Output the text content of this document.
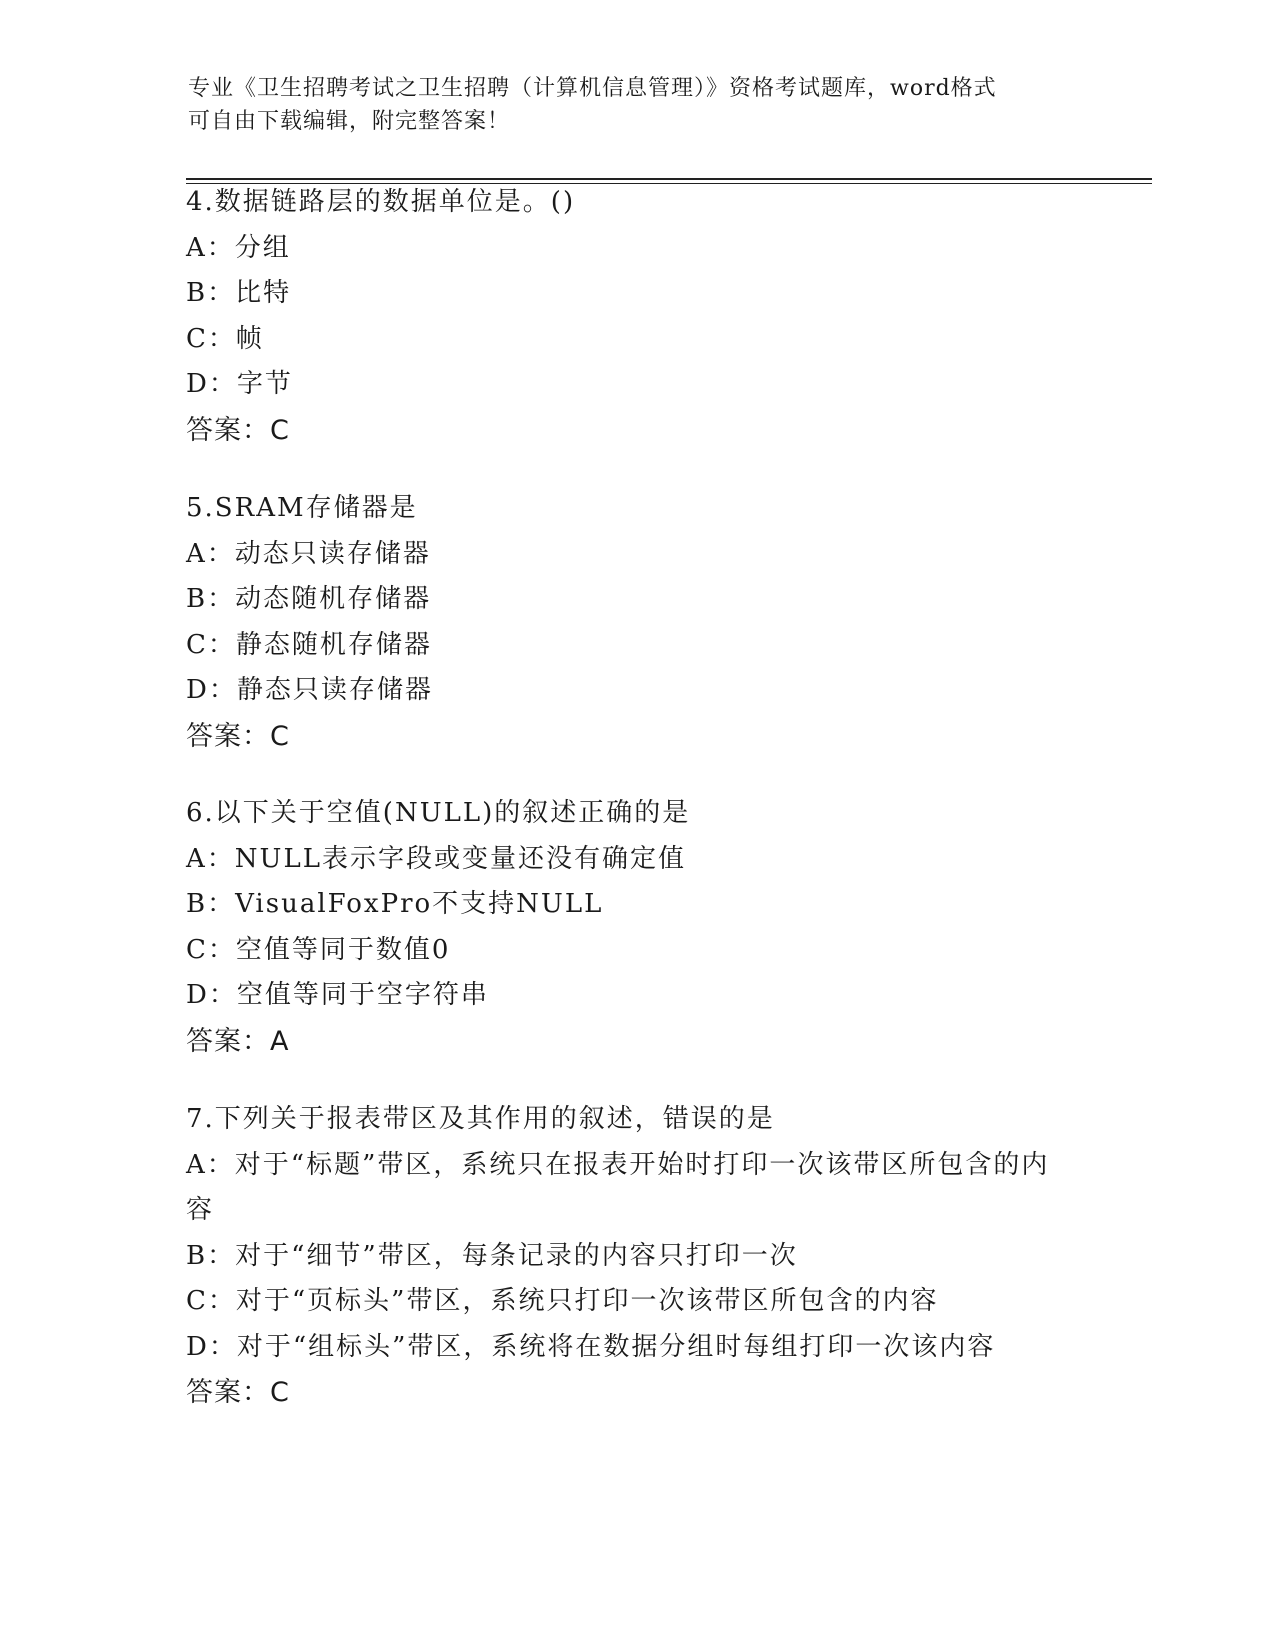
专业《卫生招聘考试之卫生招聘（计算机信息管理）》资格考试题库，word格式
可自由下载编辑，附完整答案！
4.数据链路层的数据单位是。()
A：分组
B：比特
C：帧
D：字节
答案：C
5.SRAM存储器是
A：动态只读存储器
B：动态随机存储器
C：静态随机存储器
D：静态只读存储器
答案：C
6.以下关于空值(NULL)的叙述正确的是
A：NULL表示字段或变量还没有确定值
B：VisualFoxPro不支持NULL
C：空值等同于数值0
D：空值等同于空字符串
答案：A
7.下列关于报表带区及其作用的叙述，错误的是
A：对于“标题”带区，系统只在报表开始时打印一次该带区所包含的内容
B：对于“细节”带区，每条记录的内容只打印一次
C：对于“页标头”带区，系统只打印一次该带区所包含的内容
D：对于“组标头”带区，系统将在数据分组时每组打印一次该内容
答案：C
